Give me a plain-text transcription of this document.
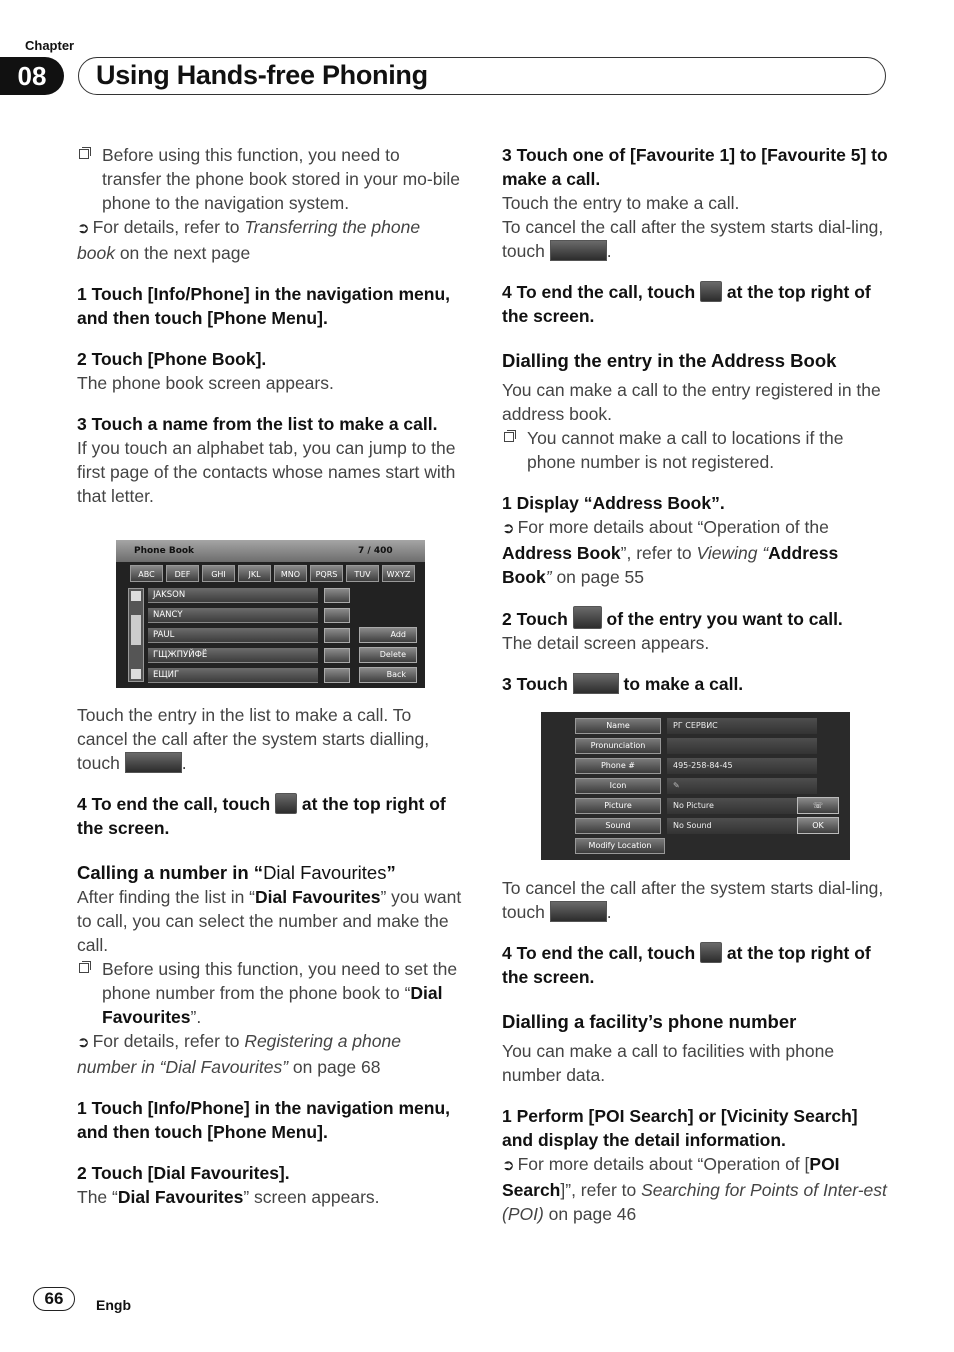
Chapter
08	Using Hands-free Phoning

Before using this function, you need to transfer the phone book stored in your mo-bile phone to the navigation system.

➲ For details, refer to Transferring the phone book on the next page

1 Touch [Info/Phone] in the navigation menu, and then touch [Phone Menu].

2 Touch [Phone Book].

The phone book screen appears.

3 Touch a name from the list to make a call.

If you touch an alphabet tab, you can jump to the first page of the contacts whose names start with that letter.

Phone Book	7 / 400
ABC	DEF	GHI	JKL	MNO	PQRS	TUV	WXYZ
JAKSON
NANCY
PAUL
ГЩЖПУЙФЁ
ЕЩИГ
Add
Delete
Back

Touch the entry in the list to make a call. To cancel the call after the system starts dialling, touch	.

4 To end the call, touch  at the top right of the screen.

Calling a number in “Dial Favourites”

After finding the list in “Dial Favourites” you want to call, you can select the number and make the call.

Before using this function, you need to set the phone number from the phone book to “Dial Favourites”.

➲ For details, refer to Registering a phone number in “Dial Favourites” on page 68

1 Touch [Info/Phone] in the navigation menu, and then touch [Phone Menu].

2 Touch [Dial Favourites].

The “Dial Favourites” screen appears.

3 Touch one of [Favourite 1] to [Favourite 5] to make a call.

Touch the entry to make a call.

To cancel the call after the system starts dial-ling, touch	.

4 To end the call, touch  at the top right of the screen.

Dialling the entry in the Address Book

You can make a call to the entry registered in the address book.

You cannot make a call to locations if the phone number is not registered.

1 Display “Address Book”.

➲ For more details about “Operation of the Address Book”, refer to Viewing “Address Book” on page 55

2 Touch  of the entry you want to call.

The detail screen appears.

3 Touch	to make a call.

Name	РГ СЕРВИС
Pronunciation
Phone #	495-258-84-45
Icon	✎
Picture	No Picture
Sound	No Sound
Modify Location
☏
OK

To cancel the call after the system starts dial-ling, touch	.

4 To end the call, touch  at the top right of the screen.

Dialling a facility’s phone number

You can make a call to facilities with phone number data.

1 Perform [POI Search] or [Vicinity Search] and display the detail information.

➲ For more details about “Operation of [POI Search]”, refer to Searching for Points of Inter-est (POI) on page 46

66	Engb
